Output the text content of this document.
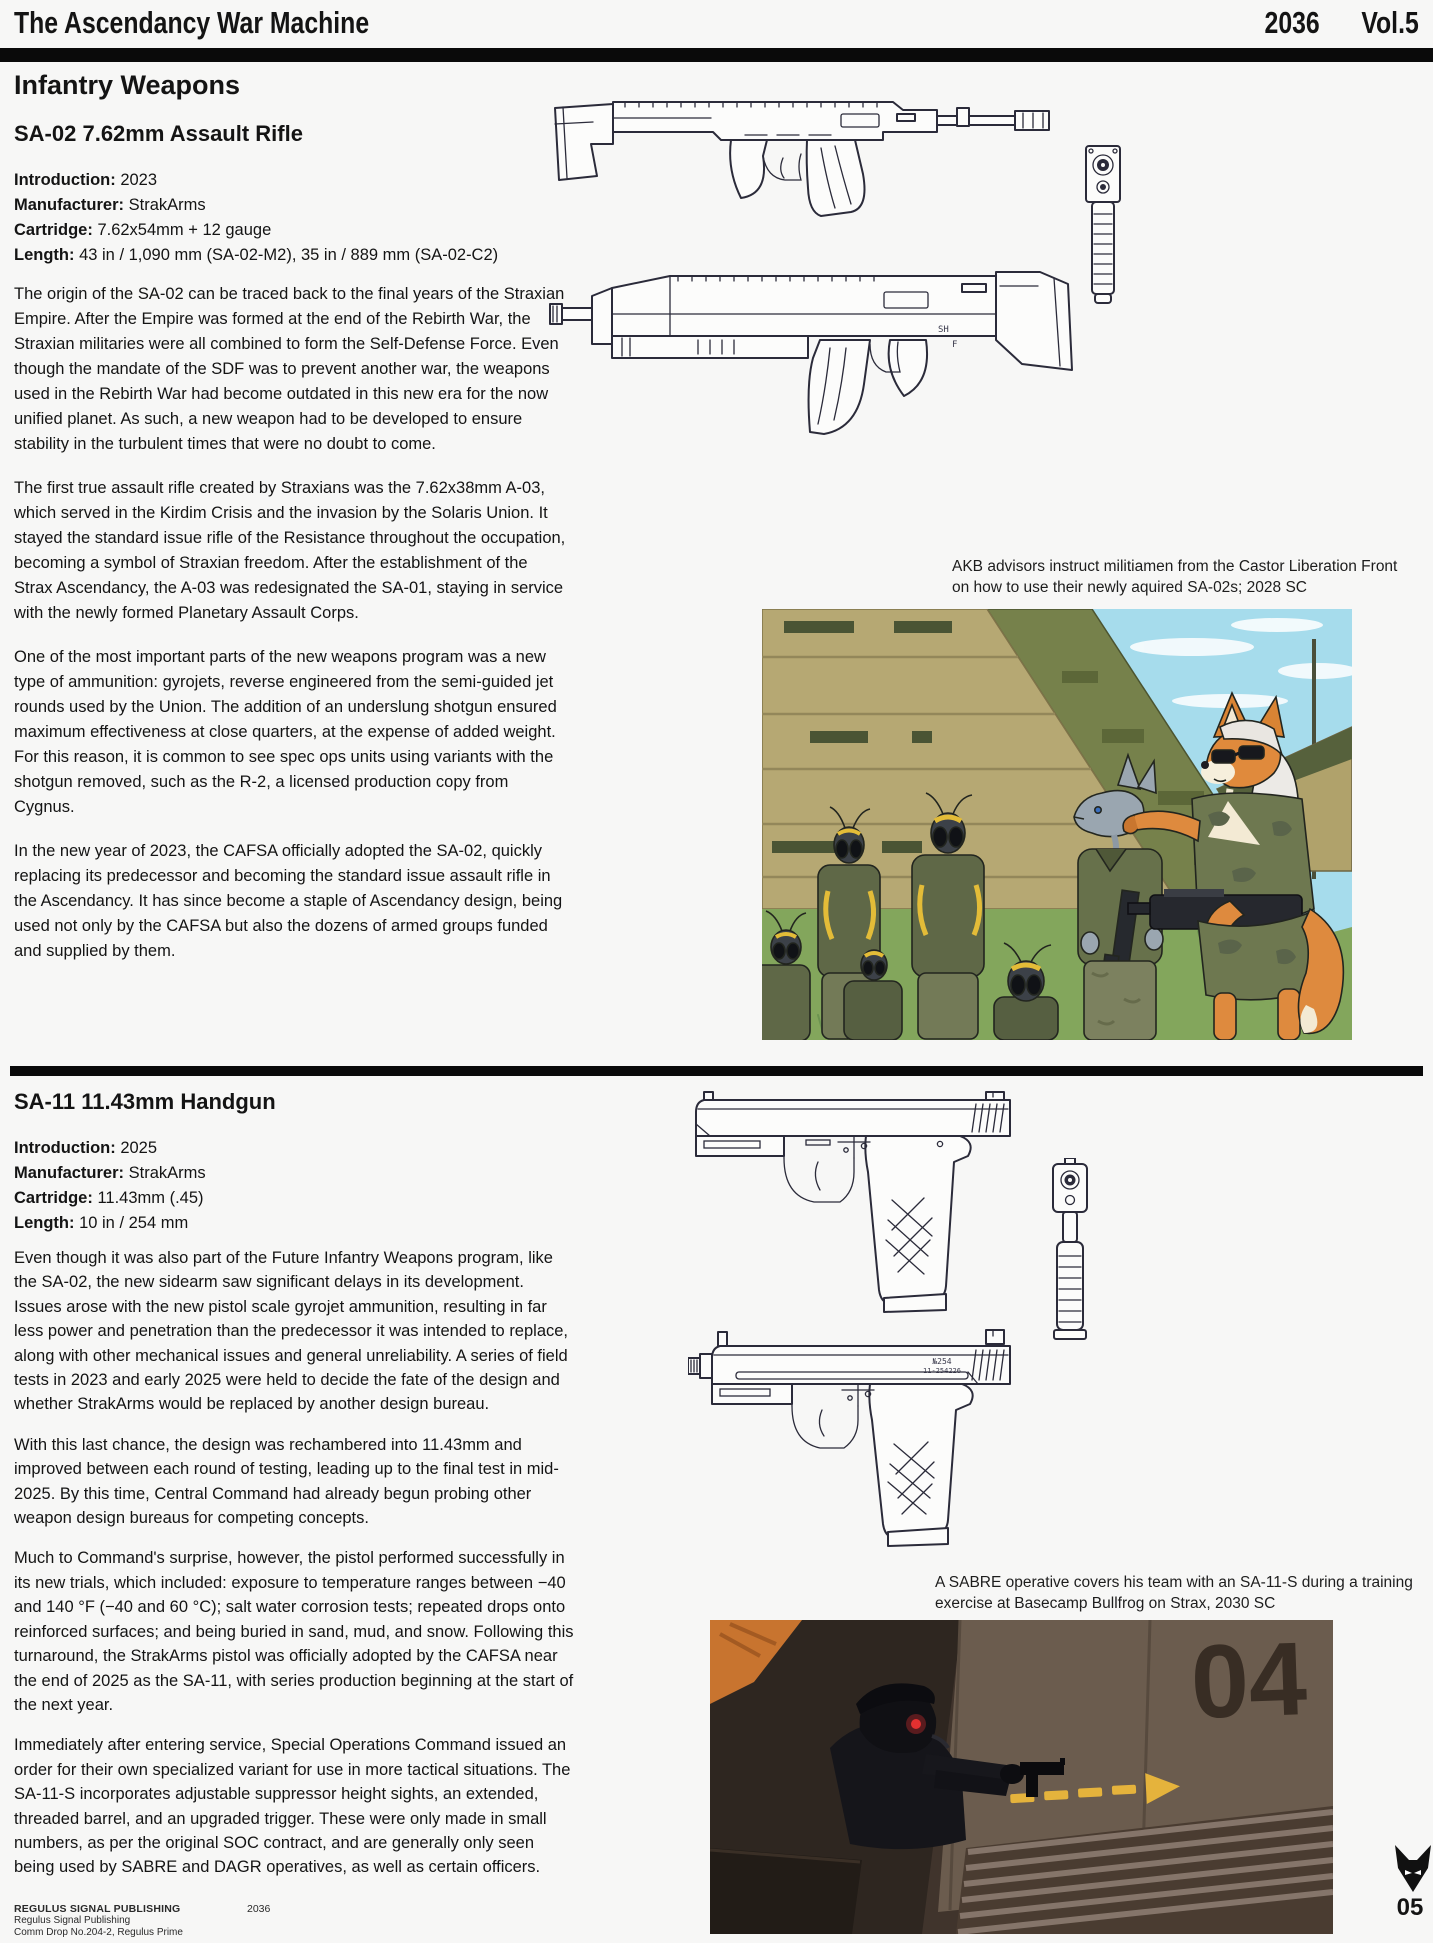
The Ascendancy War Machine	2036 Vol.5
Infantry Weapons
SA-02 7.62mm Assault Rifle
Introduction: 2023
Manufacturer: StrakArms
Cartridge: 7.62x54mm + 12 gauge
Length: 43 in / 1,090 mm (SA-02-M2), 35 in / 889 mm (SA-02-C2)

The origin of the SA-02 can be traced back to the final years of the Straxian Empire. After the Empire was formed at the end of the Rebirth War, the Straxian militaries were all combined to form the Self-Defense Force. Even though the mandate of the SDF was to prevent another war, the weapons used in the Rebirth War had become outdated in this new era for the now unified planet. As such, a new weapon had to be developed to ensure stability in the turbulent times that were no doubt to come.

The first true assault rifle created by Straxians was the 7.62x38mm A-03, which served in the Kirdim Crisis and the invasion by the Solaris Union. It stayed the standard issue rifle of the Resistance throughout the occupation, becoming a symbol of Straxian freedom. After the establishment of the Strax Ascendancy, the A-03 was redesignated the SA-01, staying in service with the newly formed Planetary Assault Corps.

One of the most important parts of the new weapons program was a new type of ammunition: gyrojets, reverse engineered from the semi-guided jet rounds used by the Union. The addition of an underslung shotgun ensured maximum effectiveness at close quarters, at the expense of added weight. For this reason, it is common to see spec ops units using variants with the shotgun removed, such as the R-2, a licensed production copy from Cygnus.

In the new year of 2023, the CAFSA officially adopted the SA-02, quickly replacing its predecessor and becoming the standard issue assault rifle in the Ascendancy. It has since become a staple of Ascendancy design, being used not only by the CAFSA but also the dozens of armed groups funded and supplied by them.

SH
F
AKB advisors instruct militiamen from the Castor Liberation Front on how to use their newly aquired SA-02s; 2028 SC
SA-11 11.43mm Handgun
Introduction: 2025
Manufacturer: StrakArms
Cartridge: 11.43mm (.45)
Length: 10 in / 254 mm

Even though it was also part of the Future Infantry Weapons program, like the SA-02, the new sidearm saw significant delays in its development. Issues arose with the new pistol scale gyrojet ammunition, resulting in far less power and penetration than the predecessor it was intended to replace, along with other mechanical issues and general unreliability. A series of field tests in 2023 and early 2025 were held to decide the fate of the design and whether StrakArms would be replaced by another design bureau.

With this last chance, the design was rechambered into 11.43mm and improved between each round of testing, leading up to the final test in mid-2025. By this time, Central Command had already begun probing other weapon design bureaus for competing concepts.

Much to Command's surprise, however, the pistol performed successfully in its new trials, which included: exposure to temperature ranges between −40 and 140 °F (−40 and 60 °C); salt water corrosion tests; repeated drops onto reinforced surfaces; and being buried in sand, mud, and snow. Following this turnaround, the StrakArms pistol was officially adopted by the CAFSA near the end of 2025 as the SA-11, with series production beginning at the start of the next year.

Immediately after entering service, Special Operations Command issued an order for their own specialized variant for use in more tactical situations. The SA-11-S incorporates adjustable suppressor height sights, an extended, threaded barrel, and an upgraded trigger. These were only made in small numbers, as per the original SOC contract, and are generally only seen being used by SABRE and DAGR operatives, as well as certain officers.

№254
11-254226
A SABRE operative covers his team with an SA-11-S during a training exercise at Basecamp Bullfrog on Strax, 2030 SC
04
REGULUS SIGNAL PUBLISHING
Regulus Signal Publishing
Comm Drop No.204-2, Regulus Prime
2036	05
